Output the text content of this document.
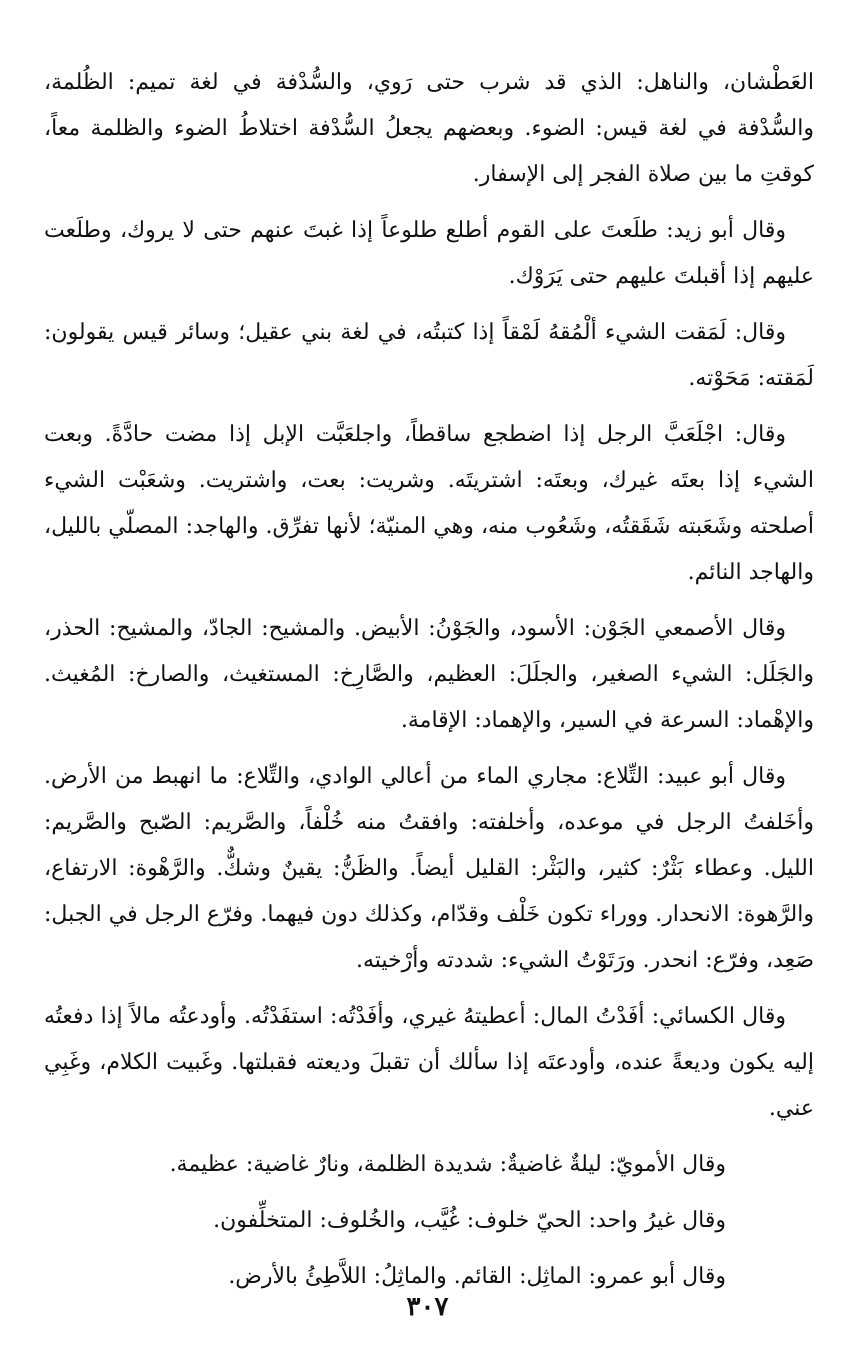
العَطْشان، والناهل: الذي قد شرب حتى رَوي، والسُّدْفة في لغة تميم: الظُلمة، والسُّدْفة في لغة قيس: الضوء. وبعضهم يجعلُ السُّدْفة اختلاطُ الضوء والظلمة معاً، كوقتِ ما بين صلاة الفجر إلى الإسفار.

وقال أبو زيد: طلَعتَ على القوم أطلع طلوعاً إذا غبتَ عنهم حتى لا يروك، وطلَعت عليهم إذا أقبلتَ عليهم حتى يَرَوْك.

وقال: لَمَقت الشيء ألْمُقهُ لَمْقاً إذا كتبتُه، في لغة بني عقيل؛ وسائر قيس يقولون: لَمَقته: مَحَوْته.

وقال: اجْلَعَبَّ الرجل إذا اضطجع ساقطاً، واجلعَبَّت الإبل إذا مضت حادَّةً. وبعت الشيء إذا بعتَه غيرك، وبعتَه: اشتريتَه. وشريت: بعت، واشتريت. وشعَبْت الشيء أصلحته وشَعَبته شَقَقتُه، وشَعُوب منه، وهي المنيّة؛ لأنها تفرِّق. والهاجد: المصلّي بالليل، والهاجد النائم.

وقال الأصمعي الجَوْن: الأسود، والجَوْنُ: الأبيض. والمشيح: الجادّ، والمشيح: الحذر، والجَلَل: الشيء الصغير، والجلَلَ: العظيم، والصَّارِخ: المستغيث، والصارخ: المُغيث. والإهْماد: السرعة في السير، والإهماد: الإقامة.

وقال أبو عبيد: التِّلاع: مجاري الماء من أعالي الوادي، والتِّلاع: ما انهبط من الأرض. وأخَلفتُ الرجل في موعده، وأخلفته: وافقتُ منه خُلْفاً، والصَّريم: الصّبح والصَّريم: الليل. وعطاء بَثْرٌ: كثير، والبَثْر: القليل أيضاً. والظَنُّ: يقينٌ وشكٌّ. والرَّهْوة: الارتفاع، والرَّهوة: الانحدار. ووراء تكون خَلْف وقدّام، وكذلك دون فيهما. وفرّع الرجل في الجبل: صَعِد، وفرّع: انحدر. ورَتَوْتُ الشيء: شددته وأرْخيته.

وقال الكسائي: أفَدْتُ المال: أعطيتهُ غيري، وأفَدْتُه: استفَدْتُه. وأودعتُه مالاً إذا دفعتُه إليه يكون وديعةً عنده، وأودعتَه إذا سألك أن تقبلَ وديعته فقبلتها. وغَبيت الكلام، وغَبِي عني.

وقال الأمويّ: ليلةٌ غاضيةٌ: شديدة الظلمة، ونارٌ غاضية: عظيمة.

وقال غيرُ واحد: الحيّ خلوف: غُيَّب، والخُلوف: المتخلِّفون.

وقال أبو عمرو: الماثِل: القائم. والماثِلُ: اللاَّطِئُ بالأرض.

٣٠٧
